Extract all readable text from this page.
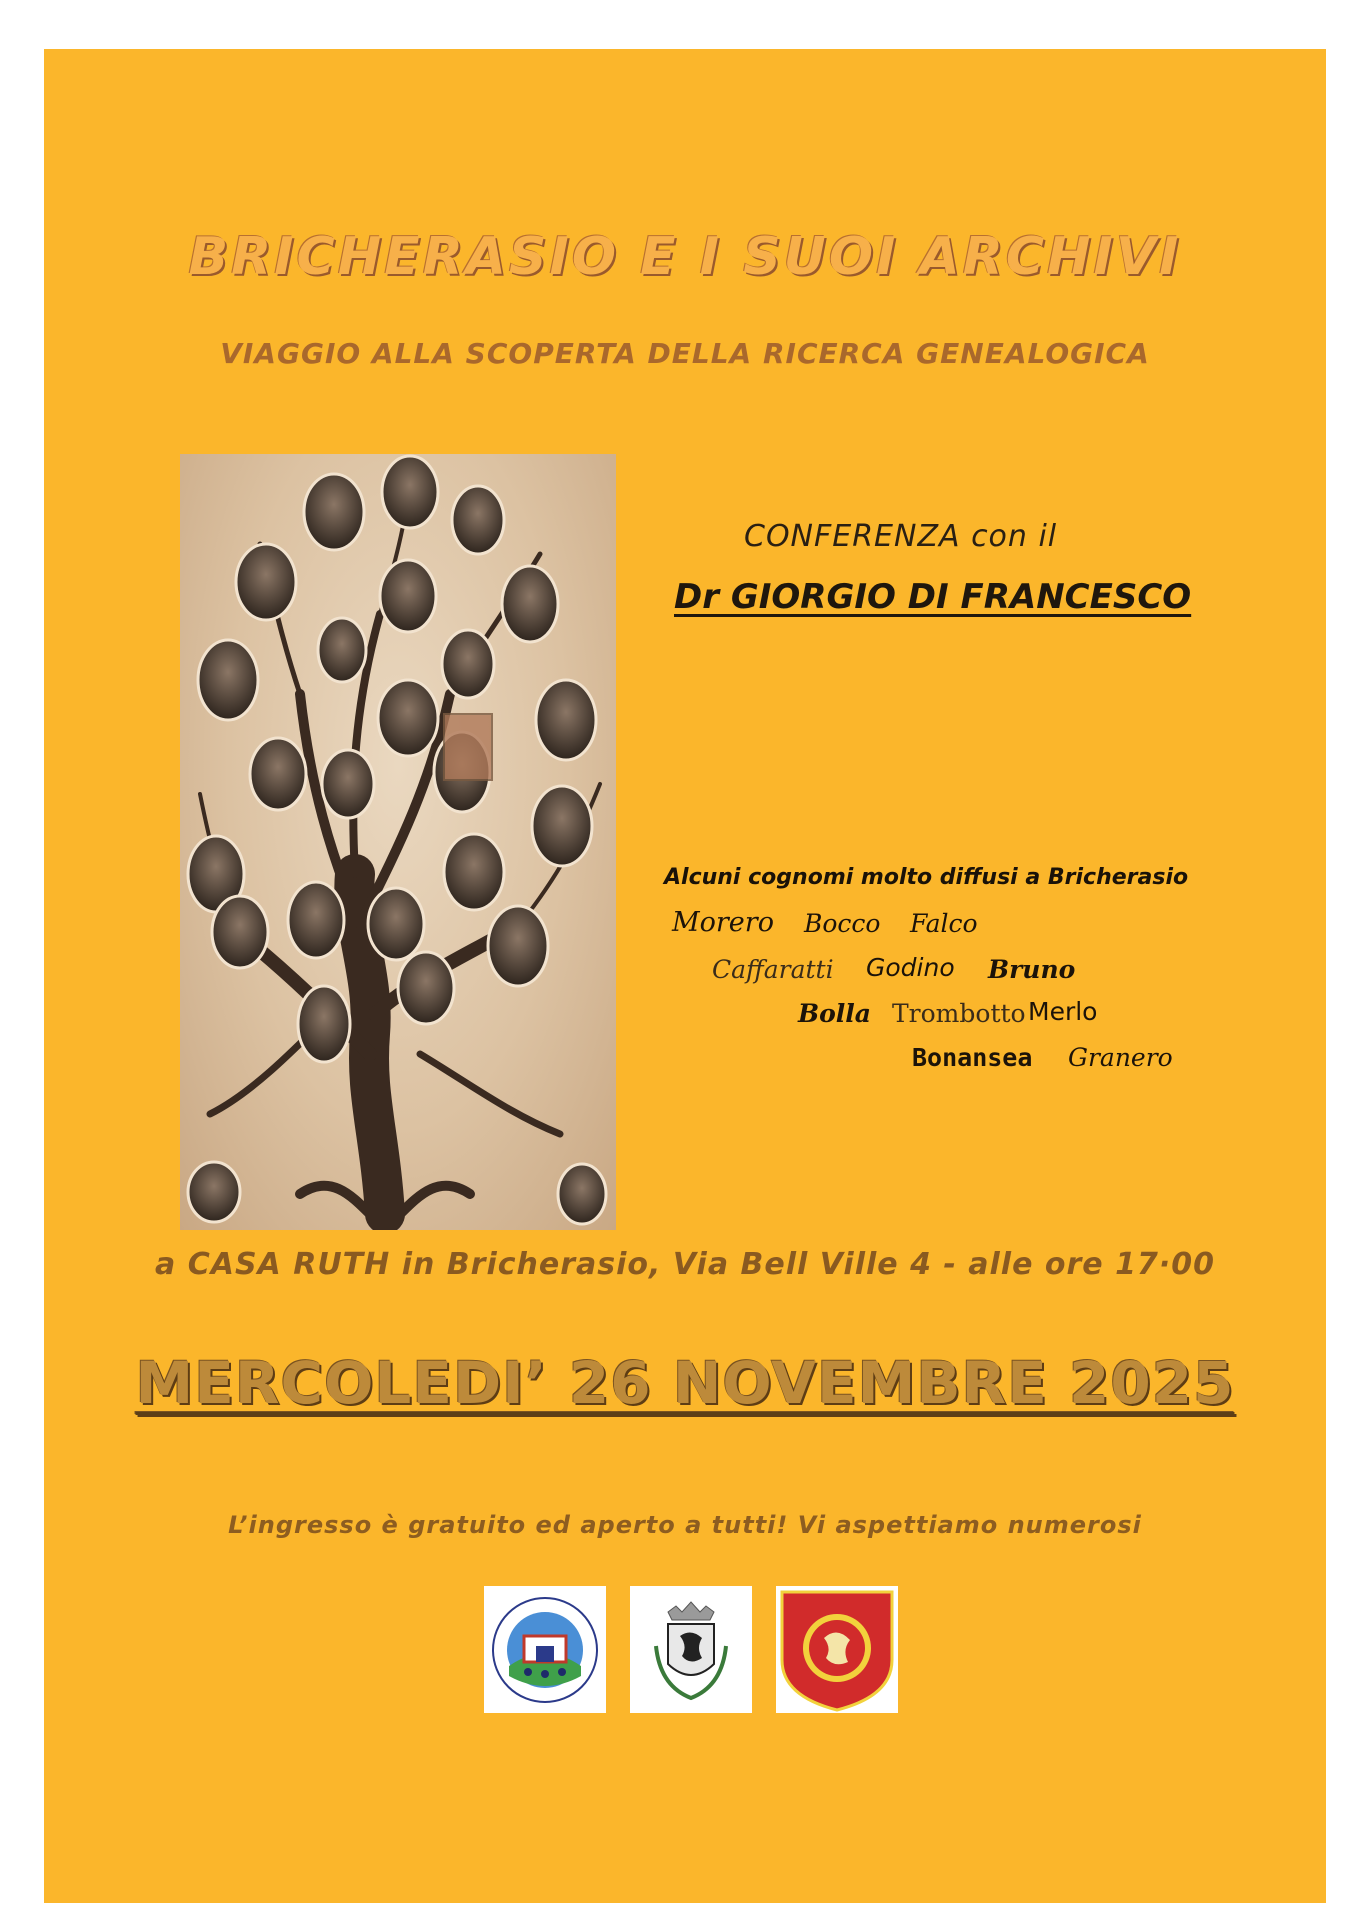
BRICHERASIO E I SUOI ARCHIVI
VIAGGIO ALLA SCOPERTA DELLA RICERCA GENEALOGICA
CONFERENZA con il
Dr GIORGIO DI FRANCESCO
Alcuni cognomi molto diffusi a Bricherasio
Morero Bocco Falco
Caffaratti Godino Bruno
Bolla Trombotto Merlo
Bonansea Granero
a CASA RUTH in Bricherasio, Via Bell Ville 4 - alle ore 17·00
MERCOLEDI’ 26 NOVEMBRE 2025
L’ingresso è gratuito ed aperto a tutti! Vi aspettiamo numerosi
